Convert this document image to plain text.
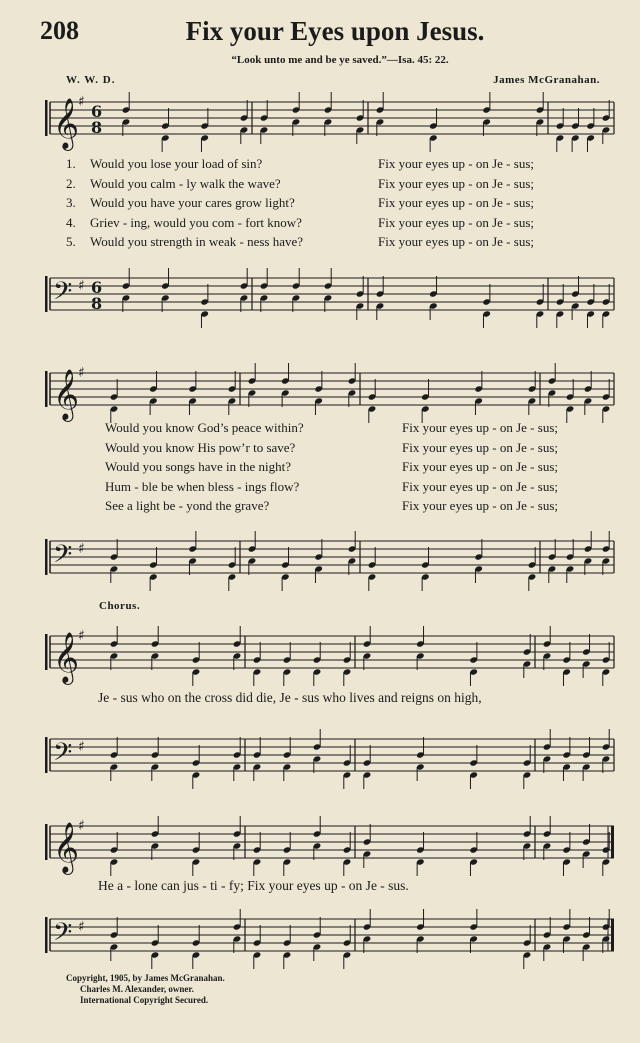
208	Fix your Eyes upon Jesus.
“Look unto me and be ye saved.”—Isa. 45: 22.
W. W. D.	James McGranahan.
𝄞
♯ 6
8
𝄢 ♯ 6
8
1.	Would you lose your load of sin?	Fix your eyes up - on Je - sus;
2.	Would you calm - ly walk the wave?	Fix your eyes up - on Je - sus;
3.	Would you have your cares grow light?	Fix your eyes up - on Je - sus;
4.	Griev - ing, would you com - fort know?	Fix your eyes up - on Je - sus;
5.	Would you strength in weak - ness have?	Fix your eyes up - on Je - sus;
𝄞
♯
𝄢 ♯
Would you know God’s peace within?	Fix your eyes up - on Je - sus;
Would you know His pow’r to save?	Fix your eyes up - on Je - sus;
Would you songs have in the night?	Fix your eyes up - on Je - sus;
Hum - ble be when bless - ings flow?	Fix your eyes up - on Je - sus;
See a light be - yond the grave?	Fix your eyes up - on Je - sus;
Chorus.
𝄞
♯
Je - sus who on the cross did die, Je - sus who lives and reigns on high,
𝄢 ♯
𝄞
♯
He a - lone can jus - ti - fy; Fix your eyes up - on Je - sus.
𝄢 ♯
Copyright, 1905, by James McGranahan.
Charles M. Alexander, owner.
International Copyright Secured.
